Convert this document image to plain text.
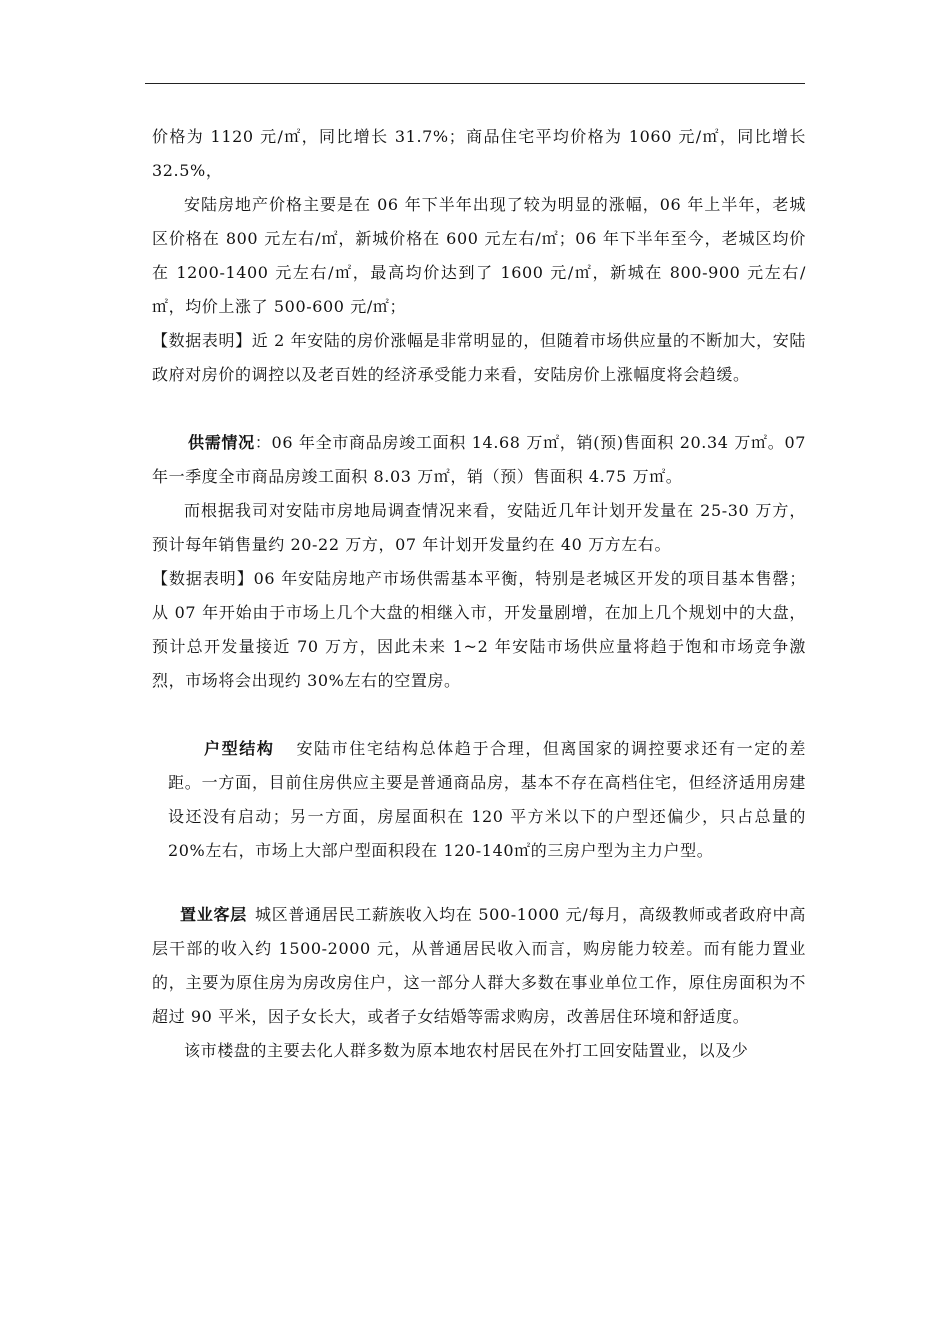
价格为 1120 元/㎡，同比增长 31.7%；商品住宅平均价格为 1060 元/㎡，同比增长 32.5%，

安陆房地产价格主要是在 06 年下半年出现了较为明显的涨幅，06 年上半年，老城区价格在 800 元左右/㎡，新城价格在 600 元左右/㎡；06 年下半年至今，老城区均价在 1200-1400 元左右/㎡，最高均价达到了 1600 元/㎡，新城在 800-900 元左右/㎡，均价上涨了 500-600 元/㎡；

【数据表明】近 2 年安陆的房价涨幅是非常明显的，但随着市场供应量的不断加大，安陆政府对房价的调控以及老百姓的经济承受能力来看，安陆房价上涨幅度将会趋缓。

供需情况：06 年全市商品房竣工面积 14.68 万㎡，销(预)售面积 20.34 万㎡。07 年一季度全市商品房竣工面积 8.03 万㎡，销（预）售面积 4.75 万㎡。

而根据我司对安陆市房地局调查情况来看，安陆近几年计划开发量在 25-30 万方，预计每年销售量约 20-22 万方，07 年计划开发量约在 40 万方左右。

【数据表明】06 年安陆房地产市场供需基本平衡，特别是老城区开发的项目基本售罄；从 07 年开始由于市场上几个大盘的相继入市，开发量剧增，在加上几个规划中的大盘，预计总开发量接近 70 万方，因此未来 1~2 年安陆市场供应量将趋于饱和市场竞争激烈，市场将会出现约 30%左右的空置房。

户型结构 安陆市住宅结构总体趋于合理，但离国家的调控要求还有一定的差距。一方面，目前住房供应主要是普通商品房，基本不存在高档住宅，但经济适用房建设还没有启动；另一方面，房屋面积在 120 平方米以下的户型还偏少，只占总量的 20%左右，市场上大部户型面积段在 120-140㎡的三房户型为主力户型。

置业客层 城区普通居民工薪族收入均在 500-1000 元/每月，高级教师或者政府中高层干部的收入约 1500-2000 元，从普通居民收入而言，购房能力较差。而有能力置业的，主要为原住房为房改房住户，这一部分人群大多数在事业单位工作，原住房面积为不超过 90 平米，因子女长大，或者子女结婚等需求购房，改善居住环境和舒适度。

该市楼盘的主要去化人群多数为原本地农村居民在外打工回安陆置业，以及少
